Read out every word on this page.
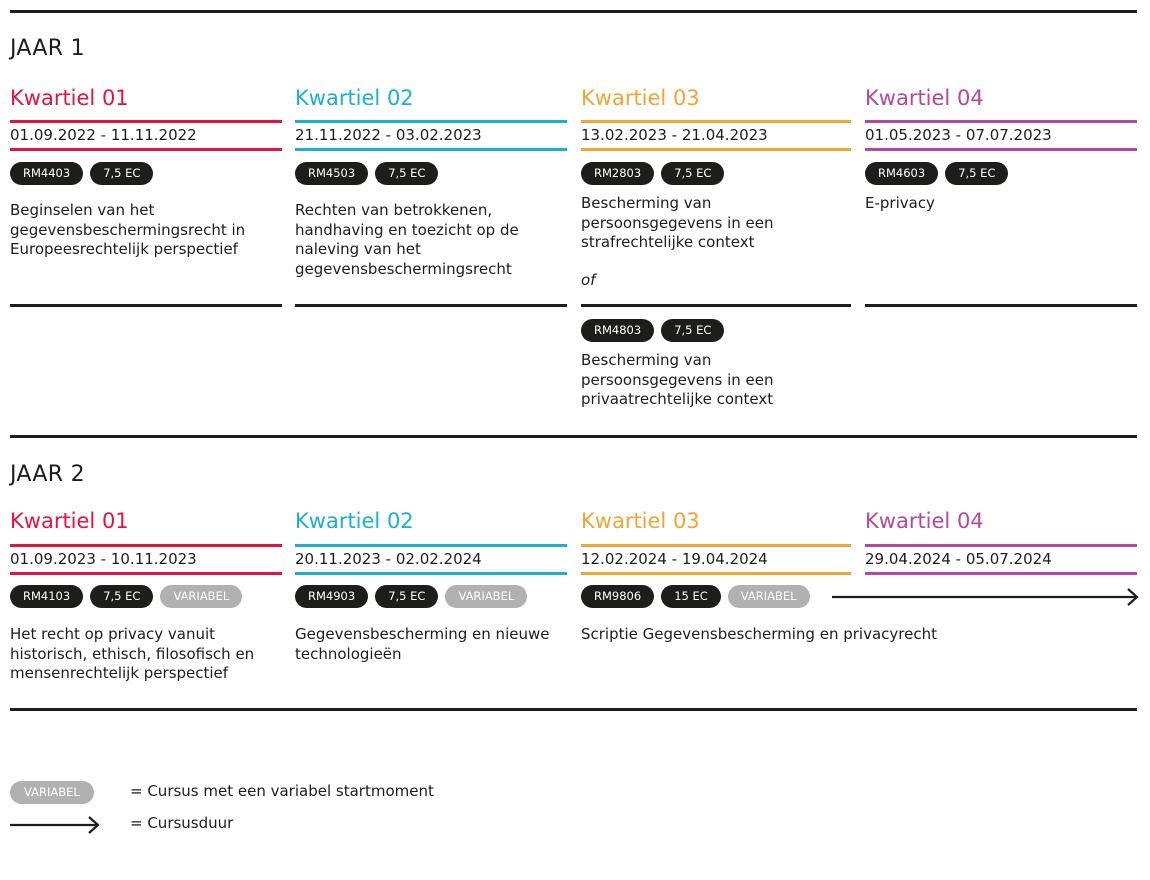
JAAR 1
Kwartiel 01
01.09.2022 - 11.11.2022
RM4403	7,5 EC
Beginselen van het gegevensbeschermingsrecht in Europeesrechtelijk perspectief
Kwartiel 02
21.11.2022 - 03.02.2023
RM4503	7,5 EC
Rechten van betrokkenen, handhaving en toezicht op de naleving van het gegevensbeschermingsrecht
Kwartiel 03
13.02.2023 - 21.04.2023
RM2803	7,5 EC
Bescherming van persoonsgegevens in een strafrechtelijke context
of
RM4803	7,5 EC
Bescherming van persoonsgegevens in een privaatrechtelijke context
Kwartiel 04
01.05.2023 - 07.07.2023
RM4603	7,5 EC
E-privacy
JAAR 2
Kwartiel 01
01.09.2023 - 10.11.2023
RM4103	7,5 EC	VARIABEL
Het recht op privacy vanuit historisch, ethisch, filosofisch en mensenrechtelijk perspectief
Kwartiel 02
20.11.2023 - 02.02.2024
RM4903	7,5 EC	VARIABEL
Gegevensbescherming en nieuwe technologieën
Kwartiel 03
12.02.2024 - 19.04.2024
RM9806	15 EC	VARIABEL
Scriptie Gegevensbescherming en privacyrecht
Kwartiel 04
29.04.2024 - 05.07.2024
VARIABEL	= Cursus met een variabel startmoment
= Cursusduur
